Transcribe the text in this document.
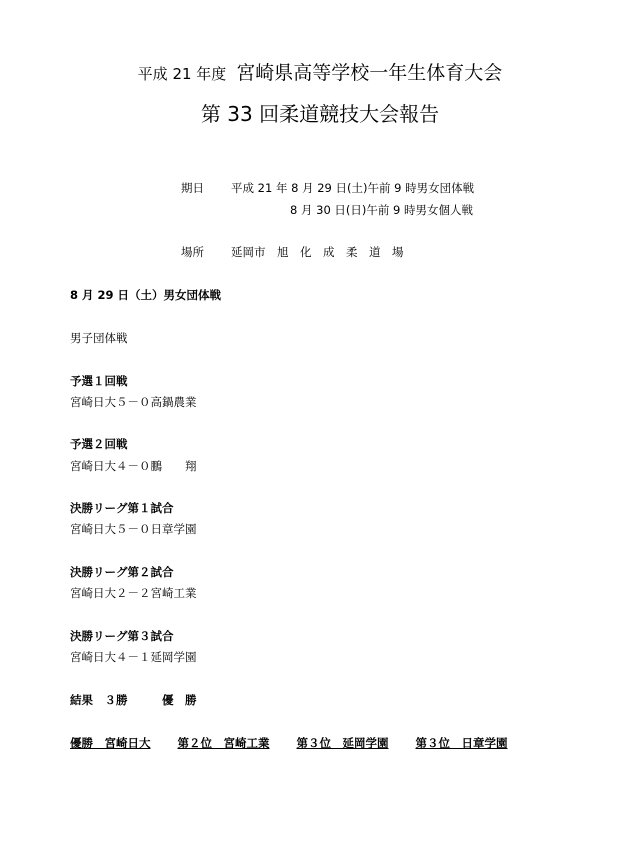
平成 21 年度 宮崎県高等学校一年生体育大会
第 33 回柔道競技大会報告
期日 平成 21 年 8 月 29 日(土)午前 9 時男女団体戦
8 月 30 日(日)午前 9 時男女個人戦
場所 延岡市　旭　化　成　柔　道　場
8 月 29 日（土）男女団体戦
男子団体戦
予選１回戦
宮崎日大５－０高鍋農業
予選２回戦
宮崎日大４－０鵬　　翔
決勝リーグ第１試合
宮崎日大５－０日章学園
決勝リーグ第２試合
宮崎日大２－２宮崎工業
決勝リーグ第３試合
宮崎日大４－１延岡学園
結果　３勝　　　優　勝
優勝　宮崎日大 第２位　宮崎工業 第３位　延岡学園 第３位　日章学園
